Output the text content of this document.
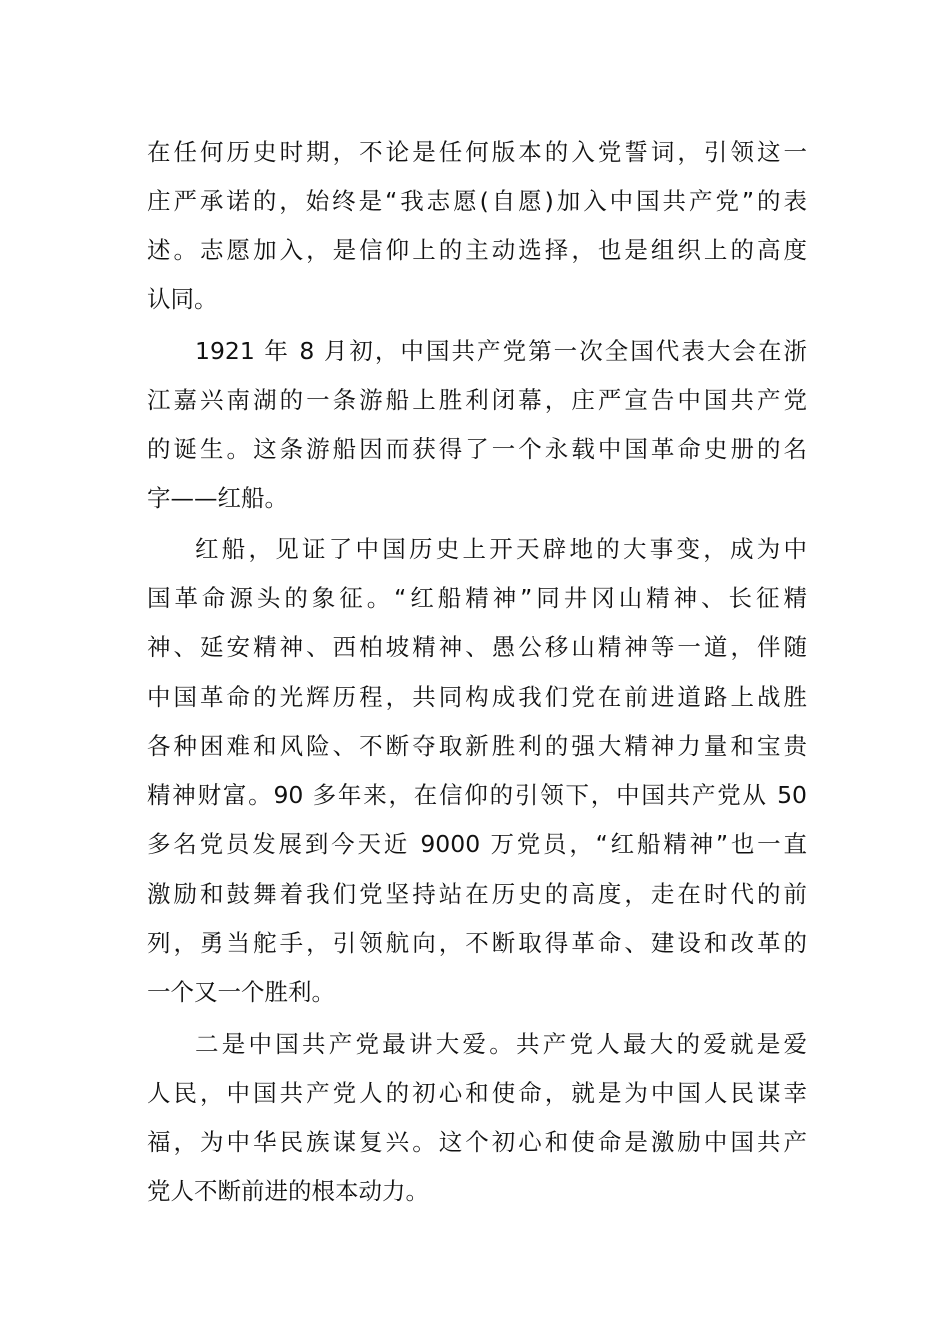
在任何历史时期，不论是任何版本的入党誓词，引领这一
庄严承诺的，始终是“我志愿(自愿)加入中国共产党”的表
述。志愿加入，是信仰上的主动选择，也是组织上的高度
认同。
1921 年 8 月初，中国共产党第一次全国代表大会在浙
江嘉兴南湖的一条游船上胜利闭幕，庄严宣告中国共产党
的诞生。这条游船因而获得了一个永载中国革命史册的名
字——红船。
红船，见证了中国历史上开天辟地的大事变，成为中
国革命源头的象征。“红船精神”同井冈山精神、长征精
神、延安精神、西柏坡精神、愚公移山精神等一道，伴随
中国革命的光辉历程，共同构成我们党在前进道路上战胜
各种困难和风险、不断夺取新胜利的强大精神力量和宝贵
精神财富。90 多年来，在信仰的引领下，中国共产党从 50
多名党员发展到今天近 9000 万党员，“红船精神”也一直
激励和鼓舞着我们党坚持站在历史的高度，走在时代的前
列，勇当舵手，引领航向，不断取得革命、建设和改革的
一个又一个胜利。
二是中国共产党最讲大爱。共产党人最大的爱就是爱
人民，中国共产党人的初心和使命，就是为中国人民谋幸
福，为中华民族谋复兴。这个初心和使命是激励中国共产
党人不断前进的根本动力。
